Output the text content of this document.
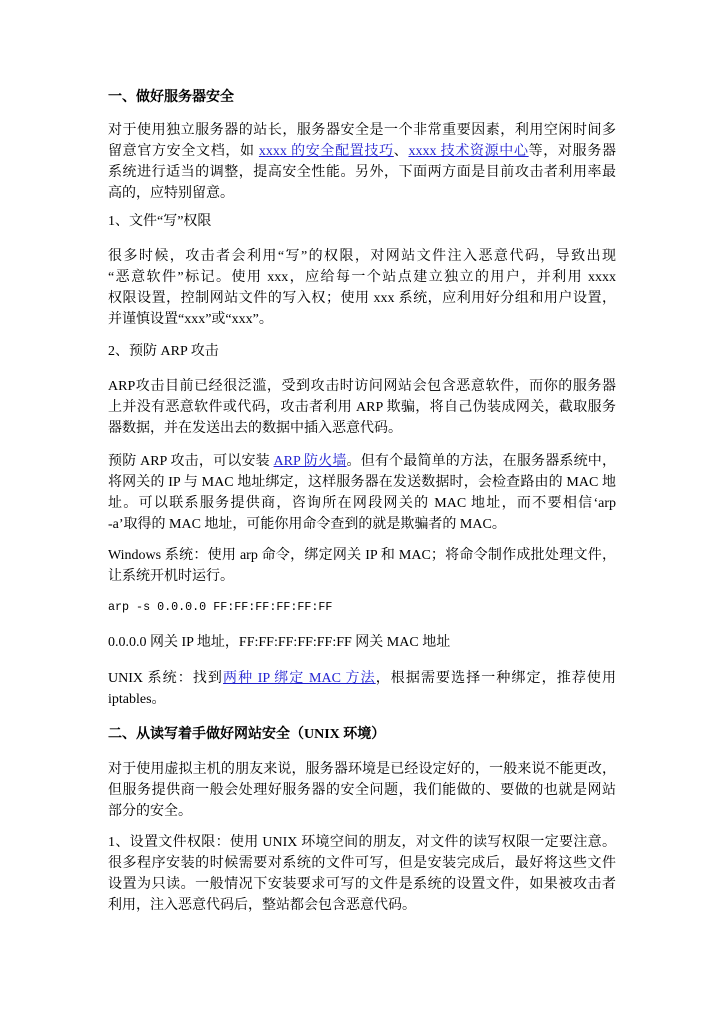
一、做好服务器安全
对于使用独立服务器的站长，服务器安全是一个非常重要因素，利用空闲时间多
留意官方安全文档，如 xxxx 的安全配置技巧、xxxx 技术资源中心等，对服务器
系统进行适当的调整，提高安全性能。另外，下面两方面是目前攻击者利用率最
高的，应特别留意。
1、文件“写”权限
很多时候，攻击者会利用“写”的权限，对网站文件注入恶意代码，导致出现
“恶意软件”标记。使用 xxx，应给每一个站点建立独立的用户，并利用 xxxx
权限设置，控制网站文件的写入权；使用 xxx 系统，应利用好分组和用户设置，
并谨慎设置“xxx”或“xxx”。
2、预防 ARP 攻击
ARP攻击目前已经很泛滥，受到攻击时访问网站会包含恶意软件，而你的服务器
上并没有恶意软件或代码，攻击者利用 ARP 欺骗，将自己伪装成网关，截取服务
器数据，并在发送出去的数据中插入恶意代码。
预防 ARP 攻击，可以安装 ARP 防火墙。但有个最简单的方法，在服务器系统中，
将网关的 IP 与 MAC 地址绑定，这样服务器在发送数据时，会检查路由的 MAC 地
址。可以联系服务提供商，咨询所在网段网关的 MAC 地址，而不要相信‘arp
-a’取得的 MAC 地址，可能你用命令查到的就是欺骗者的 MAC。
Windows 系统：使用 arp 命令，绑定网关 IP 和 MAC；将命令制作成批处理文件，
让系统开机时运行。
arp -s 0.0.0.0 FF:FF:FF:FF:FF:FF
0.0.0.0 网关 IP 地址，FF:FF:FF:FF:FF:FF 网关 MAC 地址
UNIX 系统：找到两种 IP 绑定 MAC 方法，根据需要选择一种绑定，推荐使用
iptables。
二、从读写着手做好网站安全（UNIX 环境）
对于使用虚拟主机的朋友来说，服务器环境是已经设定好的，一般来说不能更改，
但服务提供商一般会处理好服务器的安全问题，我们能做的、要做的也就是网站
部分的安全。
1、设置文件权限：使用 UNIX 环境空间的朋友，对文件的读写权限一定要注意。
很多程序安装的时候需要对系统的文件可写，但是安装完成后，最好将这些文件
设置为只读。一般情况下安装要求可写的文件是系统的设置文件，如果被攻击者
利用，注入恶意代码后，整站都会包含恶意代码。
